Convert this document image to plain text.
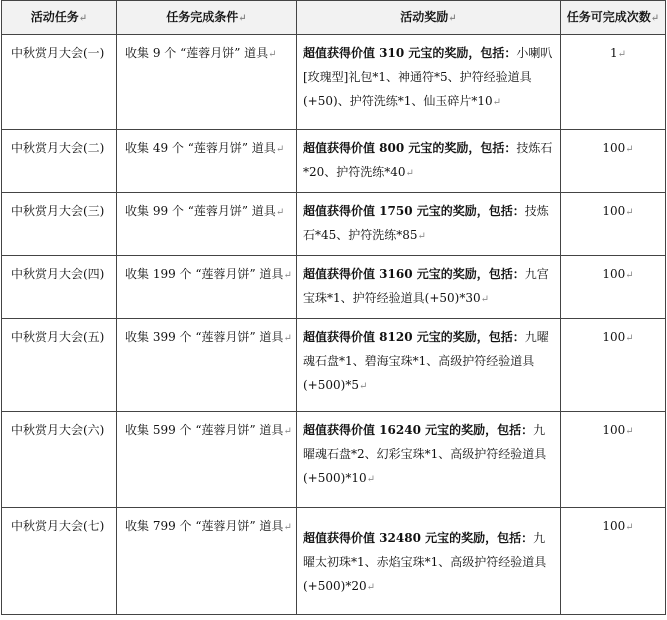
活动任务↵	任务完成条件↵	活动奖励↵	任务可完成次数↵
中秋赏月大会(一)	收集 9 个 “莲蓉月饼” 道具↵	超值获得价值 310 元宝的奖励，包括：小喇叭[玫瑰型]礼包*1、神通符*5、护符经验道具(+50)、护符洗练*1、仙玉碎片*10↵	1↵
中秋赏月大会(二)	收集 49 个 “莲蓉月饼” 道具↵	超值获得价值 800 元宝的奖励，包括：技炼石*20、护符洗练*40↵	100↵
中秋赏月大会(三)	收集 99 个 “莲蓉月饼” 道具↵	超值获得价值 1750 元宝的奖励，包括：技炼石*45、护符洗练*85↵	100↵
中秋赏月大会(四)	收集 199 个 “莲蓉月饼” 道具↵	超值获得价值 3160 元宝的奖励，包括：九宫宝珠*1、护符经验道具(+50)*30↵	100↵
中秋赏月大会(五)	收集 399 个 “莲蓉月饼” 道具↵	超值获得价值 8120 元宝的奖励，包括：九曜魂石盘*1、碧海宝珠*1、高级护符经验道具(+500)*5↵	100↵
中秋赏月大会(六)	收集 599 个 “莲蓉月饼” 道具↵	超值获得价值 16240 元宝的奖励，包括：九曜魂石盘*2、幻彩宝珠*1、高级护符经验道具(+500)*10↵	100↵
中秋赏月大会(七)	收集 799 个 “莲蓉月饼” 道具↵	超值获得价值 32480 元宝的奖励，包括：九曜太初珠*1、赤焰宝珠*1、高级护符经验道具(+500)*20↵	100↵
